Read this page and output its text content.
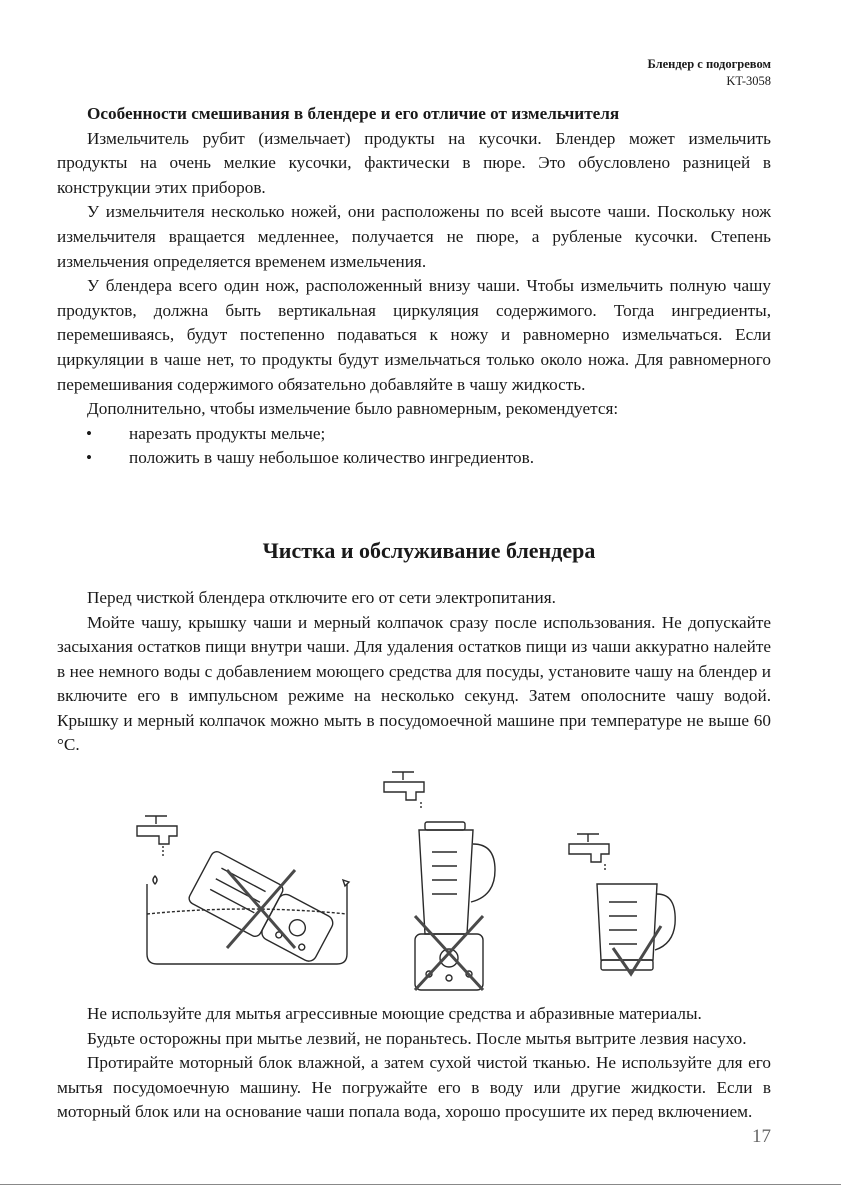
Блендер с подогревом
KT-3058

Особенности смешивания в блендере и его отличие от измельчителя

Измельчитель рубит (измельчает) продукты на кусочки. Блендер может измельчить продукты на очень мелкие кусочки, фактически в пюре. Это обусловлено разницей в конструкции этих приборов.

У измельчителя несколько ножей, они расположены по всей высоте чаши. Поскольку нож измельчителя вращается медленнее, получается не пюре, а рубленые кусочки. Степень измельчения определяется временем измельчения.

У блендера всего один нож, расположенный внизу чаши. Чтобы измельчить полную чашу продуктов, должна быть вертикальная циркуляция содержимого. Тогда ингредиенты, перемешиваясь, будут постепенно подаваться к ножу и равномерно измельчаться. Если циркуляции в чаше нет, то продукты будут измельчаться только около ножа. Для равномерного перемешивания содержимого обязательно добавляйте в чашу жидкость.

Дополнительно, чтобы измельчение было равномерным, рекомендуется:

• нарезать продукты мельче;
• положить в чашу небольшое количество ингредиентов.
Чистка и обслуживание блендера

Перед чисткой блендера отключите его от сети электропитания.

Мойте чашу, крышку чаши и мерный колпачок сразу после использования. Не допускайте засыхания остатков пищи внутри чаши. Для удаления остатков пищи из чаши аккуратно налейте в нее немного воды с добавлением моющего средства для посуды, установите чашу на блендер и включите его в импульсном режиме на несколько секунд. Затем ополосните чашу водой. Крышку и мерный колпачок можно мыть в посудомоечной машине при температуре не выше 60 °C.

Не используйте для мытья агрессивные моющие средства и абразивные материалы.

Будьте осторожны при мытье лезвий, не пораньтесь. После мытья вытрите лезвия насухо.

Протирайте моторный блок влажной, а затем сухой чистой тканью. Не используйте для его мытья посудомоечную машину. Не погружайте его в воду или другие жидкости. Если в моторный блок или на основание чаши попала вода, хорошо просушите их перед включением.

17
